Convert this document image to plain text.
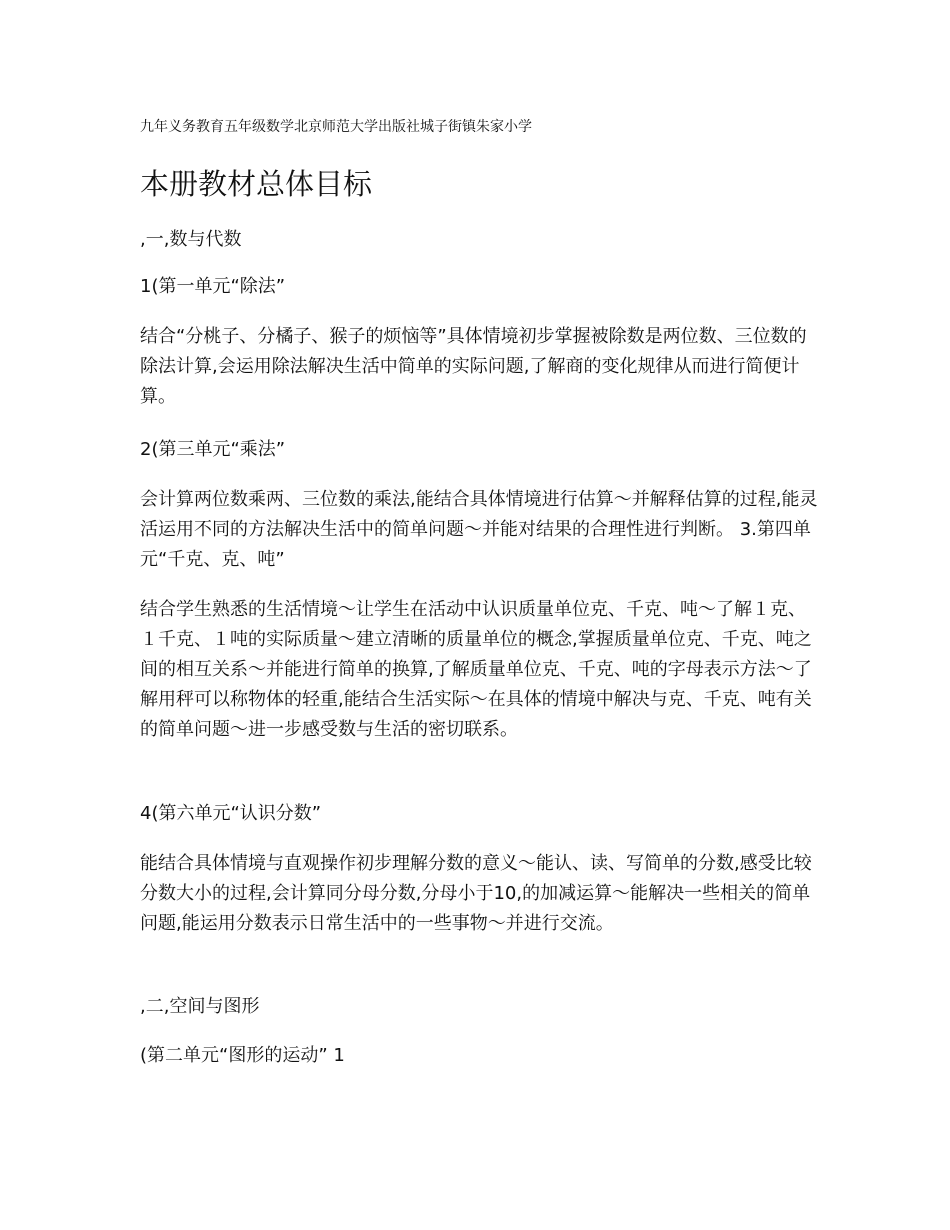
九年义务教育五年级数学北京师范大学出版社城子街镇朱家小学
本册教材总体目标

,一,数与代数

1(第一单元“除法”

结合“分桃子、分橘子、猴子的烦恼等”具体情境初步掌握被除数是两位数、三位数的除法计算,会运用除法解决生活中简单的实际问题,了解商的变化规律从而进行简便计算。

2(第三单元“乘法”

会计算两位数乘两、三位数的乘法,能结合具体情境进行估算～并解释估算的过程,能灵活运用不同的方法解决生活中的简单问题～并能对结果的合理性进行判断。 3.第四单元“千克、克、吨”

结合学生熟悉的生活情境～让学生在活动中认识质量单位克、千克、吨～了解１克、１千克、１吨的实际质量～建立清晰的质量单位的概念,掌握质量单位克、千克、吨之间的相互关系～并能进行简单的换算,了解质量单位克、千克、吨的字母表示方法～了解用秤可以称物体的轻重,能结合生活实际～在具体的情境中解决与克、千克、吨有关的简单问题～进一步感受数与生活的密切联系。

4(第六单元“认识分数”

能结合具体情境与直观操作初步理解分数的意义～能认、读、写简单的分数,感受比较分数大小的过程,会计算同分母分数,分母小于10,的加减运算～能解决一些相关的简单问题,能运用分数表示日常生活中的一些事物～并进行交流。

,二,空间与图形

(第二单元“图形的运动” 1
